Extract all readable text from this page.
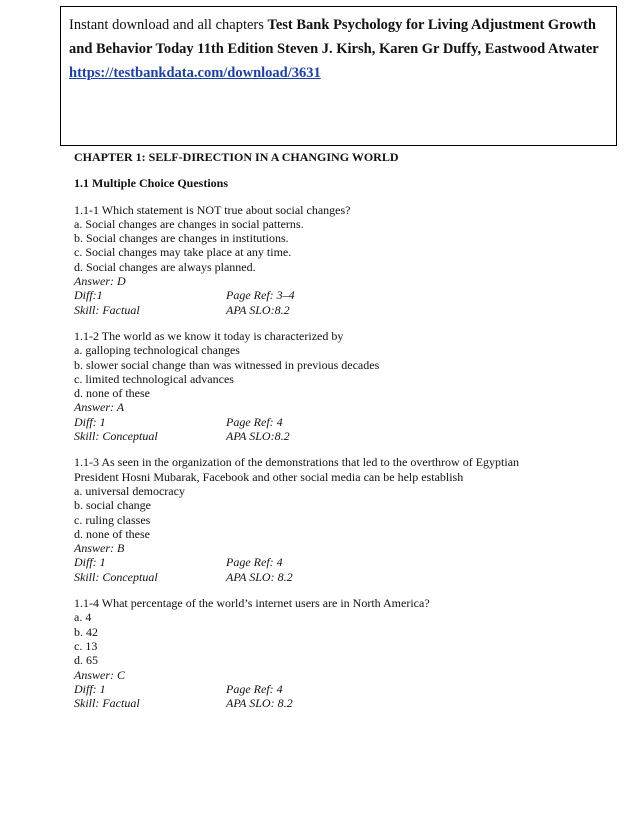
Instant download and all chapters Test Bank Psychology for Living Adjustment Growth and Behavior Today 11th Edition Steven J. Kirsh, Karen Gr Duffy, Eastwood Atwater
https://testbankdata.com/download/3631
CHAPTER 1: SELF-DIRECTION IN A CHANGING WORLD
1.1 Multiple Choice Questions
1.1-1 Which statement is NOT true about social changes?
a. Social changes are changes in social patterns.
b. Social changes are changes in institutions.
c. Social changes may take place at any time.
d. Social changes are always planned.
Answer: D
Diff:1	Page Ref: 3–4
Skill: Factual	APA SLO:8.2
1.1-2 The world as we know it today is characterized by
a. galloping technological changes
b. slower social change than was witnessed in previous decades
c. limited technological advances
d. none of these
Answer: A
Diff: 1	Page Ref: 4
Skill: Conceptual	APA SLO:8.2
1.1-3 As seen in the organization of the demonstrations that led to the overthrow of Egyptian
President Hosni Mubarak, Facebook and other social media can be help establish
a. universal democracy
b. social change
c. ruling classes
d. none of these
Answer: B
Diff: 1	Page Ref: 4
Skill: Conceptual	APA SLO: 8.2
1.1-4 What percentage of the world’s internet users are in North America?
a. 4
b. 42
c. 13
d. 65
Answer: C
Diff: 1	Page Ref: 4
Skill: Factual	APA SLO: 8.2
